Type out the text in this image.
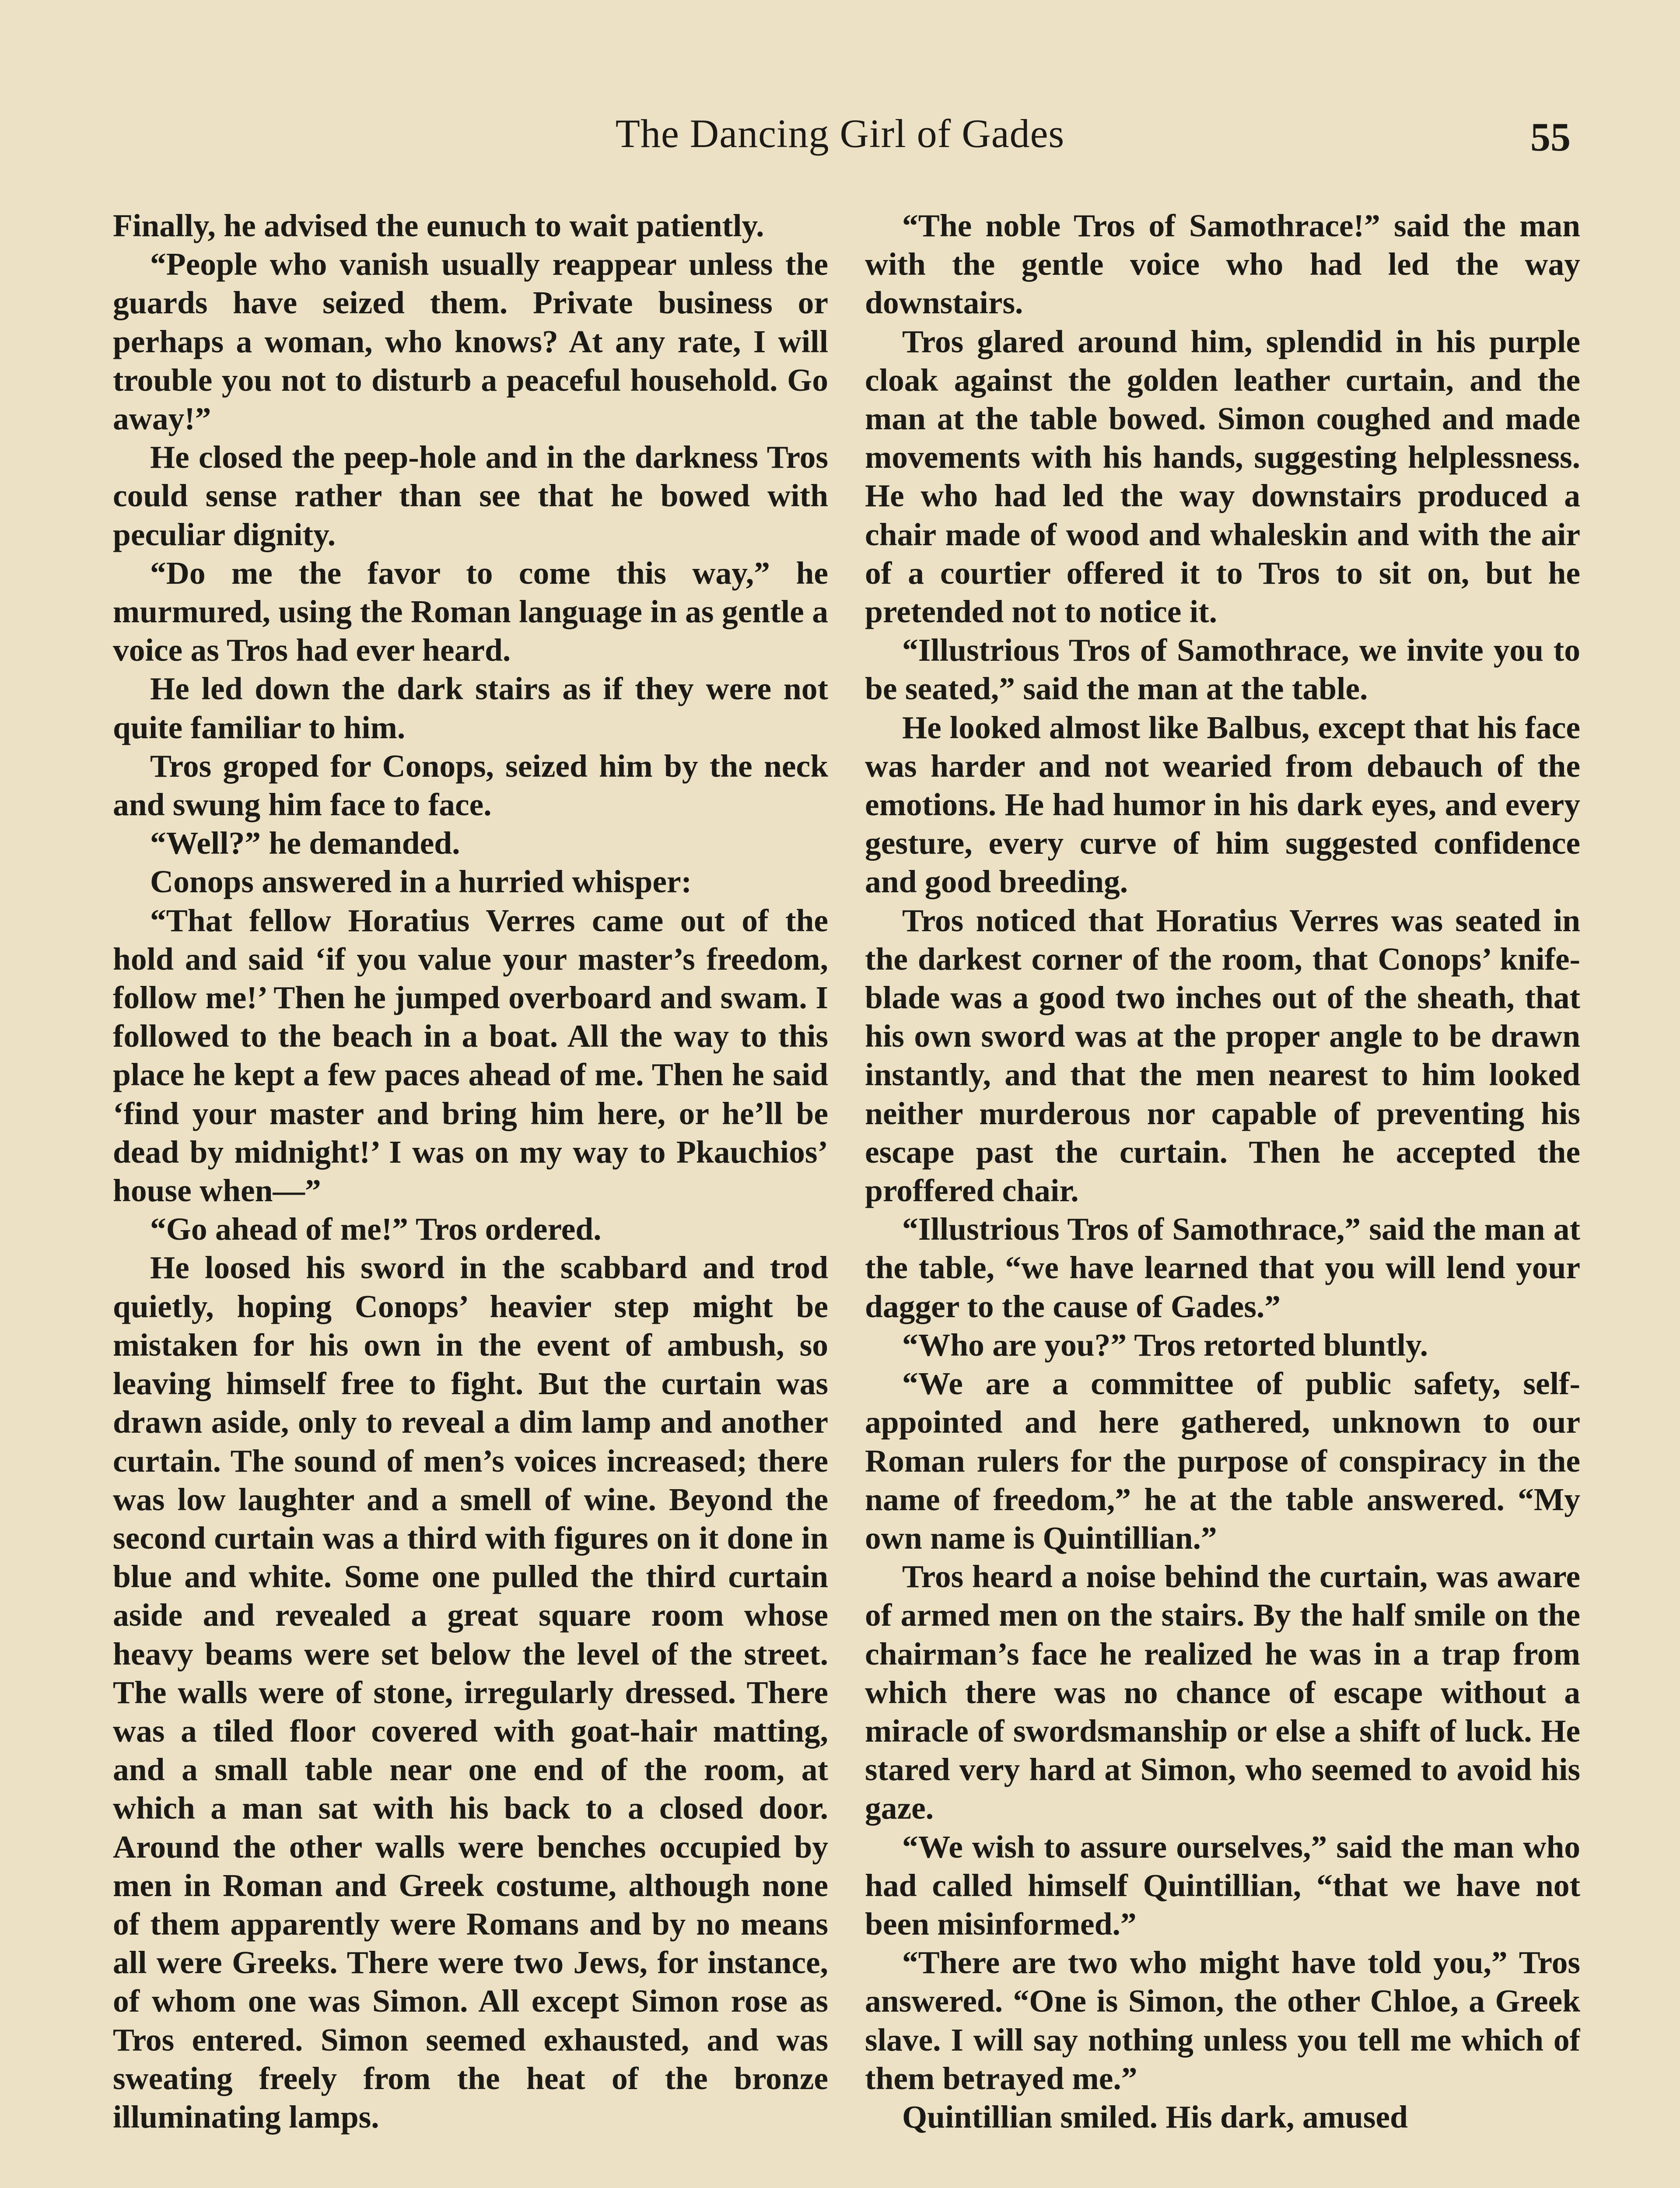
The Dancing Girl of Gades	55

Finally, he advised the eunuch to wait patiently.

“People who vanish usually reappear unless the guards have seized them. Private business or perhaps a woman, who knows? At any rate, I will trouble you not to disturb a peaceful household. Go away!”

He closed the peep-hole and in the darkness Tros could sense rather than see that he bowed with peculiar dignity.

“Do me the favor to come this way,” he murmured, using the Roman language in as gentle a voice as Tros had ever heard.

He led down the dark stairs as if they were not quite familiar to him.

Tros groped for Conops, seized him by the neck and swung him face to face.

“Well?” he demanded.

Conops answered in a hurried whisper:

“That fellow Horatius Verres came out of the hold and said ‘if you value your master’s freedom, follow me!’ Then he jumped overboard and swam. I followed to the beach in a boat. All the way to this place he kept a few paces ahead of me. Then he said ‘find your master and bring him here, or he’ll be dead by midnight!’ I was on my way to Pkauchios’ house when—”

“Go ahead of me!” Tros ordered.

He loosed his sword in the scabbard and trod quietly, hoping Conops’ heavier step might be mistaken for his own in the event of ambush, so leaving himself free to fight. But the curtain was drawn aside, only to reveal a dim lamp and another curtain. The sound of men’s voices increased; there was low laughter and a smell of wine. Beyond the second curtain was a third with figures on it done in blue and white. Some one pulled the third curtain aside and revealed a great square room whose heavy beams were set below the level of the street. The walls were of stone, irregularly dressed. There was a tiled floor covered with goat-hair matting, and a small table near one end of the room, at which a man sat with his back to a closed door. Around the other walls were benches occupied by men in Roman and Greek costume, although none of them apparently were Romans and by no means all were Greeks. There were two Jews, for instance, of whom one was Simon. All except Simon rose as Tros entered. Simon seemed exhausted, and was sweating freely from the heat of the bronze illuminating lamps.

“The noble Tros of Samothrace!” said the man with the gentle voice who had led the way downstairs.

Tros glared around him, splendid in his purple cloak against the golden leather curtain, and the man at the table bowed. Simon coughed and made movements with his hands, suggesting helplessness. He who had led the way downstairs produced a chair made of wood and whaleskin and with the air of a courtier offered it to Tros to sit on, but he pretended not to notice it.

“Illustrious Tros of Samothrace, we invite you to be seated,” said the man at the table.

He looked almost like Balbus, except that his face was harder and not wearied from debauch of the emotions. He had humor in his dark eyes, and every gesture, every curve of him suggested confidence and good breeding.

Tros noticed that Horatius Verres was seated in the darkest corner of the room, that Conops’ knife-blade was a good two inches out of the sheath, that his own sword was at the proper angle to be drawn instantly, and that the men nearest to him looked neither murderous nor capable of preventing his escape past the curtain. Then he accepted the proffered chair.

“Illustrious Tros of Samothrace,” said the man at the table, “we have learned that you will lend your dagger to the cause of Gades.”

“Who are you?” Tros retorted bluntly.

“We are a committee of public safety, self-appointed and here gathered, unknown to our Roman rulers for the purpose of conspiracy in the name of freedom,” he at the table answered. “My own name is Quintillian.”

Tros heard a noise behind the curtain, was aware of armed men on the stairs. By the half smile on the chairman’s face he realized he was in a trap from which there was no chance of escape without a miracle of swordsmanship or else a shift of luck. He stared very hard at Simon, who seemed to avoid his gaze.

“We wish to assure ourselves,” said the man who had called himself Quintillian, “that we have not been misinformed.”

“There are two who might have told you,” Tros answered. “One is Simon, the other Chloe, a Greek slave. I will say nothing unless you tell me which of them betrayed me.”

Quintillian smiled. His dark, amused
